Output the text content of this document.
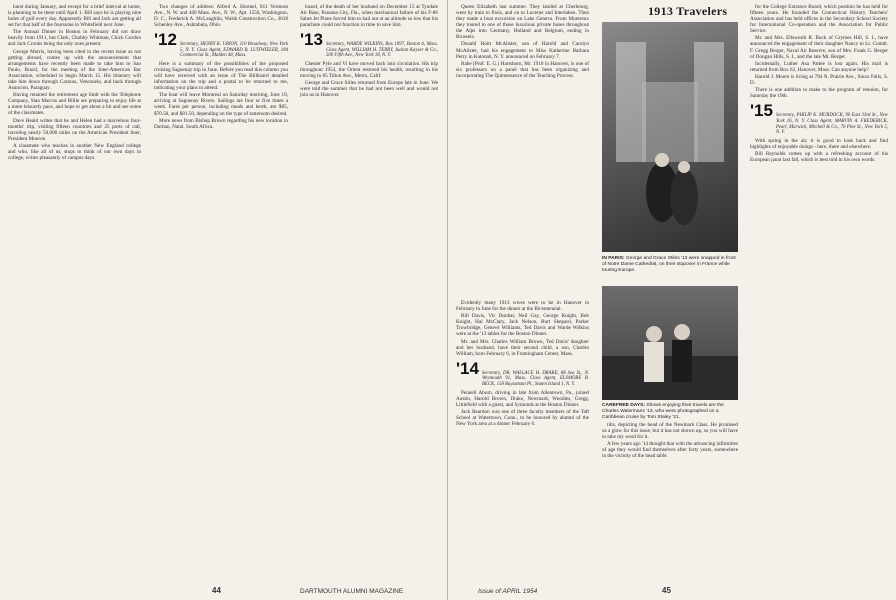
hurst during January, and except for a brief interval at home, is planning to be there until April 1. Bill says he is playing nine holes of golf every day. Apparently Bill and Jack are getting all set for that half of the foursome in Whitefield next June.

The Annual Dinner in Boston in February did not draw heavily from 1911, but Clark, Chubby Whitman, Chick Gordon and Jack Crooks being the only ones present.

George Morris, having been cited in the recent issue as not getting abroad, comes up with the announcement that arrangements have recently been made to take him to Sao Paulo, Brazil, for the meeting of the Inter-American Bar Association, scheduled to begin March 15. His itinerary will take him down through Caracas, Venezuela, and back through Asuncion, Paraguay.

Having retained the retirement age limit with the Telephone Company, Stan Marcus and Billie are preparing to enjoy life at a more leisurely pace, and hope to get about a bit and see some of the classmates.

Dave Heald writes that he and Helen had a marvelous four-months' trip, visiting fifteen countries and 25 ports of call, traveling nearly 50,000 miles on the American President liner, President Monroe.

A classmate who teaches in another New England college and who, like all of us, stops to think of our own days in college, writes pleasantly of campus days.

Two changes of address: Alfred A. Hormel, 811 Vermont Ave., N. W. and 400 Mass. Ave., N. W., Apt. 1556, Washington, D. C.; Frederick A. McLaughlin, Walsh Construction Co., 3618 Schenley Ave., Ashtabula, Ohio.

'12 Secretary, HENRY K. URION, 110 Broadway, New York 5, N. Y. Class Agent, EDWARD B. LUITWIELER, 184 Commercial St., Malden 48, Mass.

Here is a summary of the possibilities of the proposed cruising Saguenay trip in June. Before you read this column you will have received with an issue of The Billboard detailed information on the trip and a postal to be returned to me, indicating your plans to attend.

The boat will leave Montreal on Saturday morning, June 19, arriving at Saguenay Rivers. Sailings are four or five times a week. Fares per person, including meals and berth, are $85, $70.50, and $81.50, depending on the type of stateroom desired.

More news from Bishop Brown regarding his new location in Durban, Natal, South Africa.

board, of the death of her husband on December 15 at Tyndale Air Base, Panama City, Fla., when mechanical failure of his F-86 Sabre Jet Plane forced him to bail out at an altitude so low that his parachute could not function in time to save him.

'13 Secretary, WARDE WILKINS, Box 1097, Boston 6, Mass. Class Agent, WILLIAM H. TERRY, Judson Kayser & Co., 500 Fifth Ave., New York 18, N. Y.

Chester Pyle and Vi have moved back into circulation. His trip throughout 1953, the Orient restored his health, resulting in his moving to 85 Tilton Ave., Metro, Calif.

George and Grace Stiles returned from Europe late in June. We were told the summer that he had not been well and would not join us in Hanover.

44	DARTMOUTH ALUMNI MAGAZINE
1913 Travelers

Queen Elizabeth last summer. They landed at Cherbourg, went by train to Paris, and on to Lucerne and Interlaken. Then they made a boat excursion on Lake Geneva. From Montreux they toured in one of those luxurious private buses throughout the Alps into Germany, Holland and Belgium, ending in Brussels.

Donald Hoitt McAlister, son of Harold and Carolyn McAlister, had his engagement to Miss Katherine Barbara Perry in Katonah, N. Y. announced on February 7.

Babe (Prof. E. G.) Hartshorn, Mr. 1910 in Hanover, is one of six professors on a panel that has been organizing and incorporating The Quintessence of the Teaching Process.

IN PARIS: George and Grace Stiles '13 were snapped in front of Notre Dame Cathedral, on their stopover in France while touring Europe.
CAREFREE DAYS: Shows enjoying their travels are the Charles Walermans '13, who were photographed on a Caribbean cruise by Tom Staley '21.

tilts, depicting the head of the Newmark Class. He promised us a glow for this issue, but it has not shown up, so you will have to take my word for it.

A few years ago '14 thought that with the advancing infirmities of age they would find themselves after forty years, somewhere in the vicinity of the head table.

Evidently many 1913 wives were to be in Hanover in February in June for the dinner at the Bicentennial.

Bill Davis, Vic Dunbar, Neil Gay, George Knight, Bob Knight, Hal McClary, Jack Nelson, Burt Shepard, Parker Trowbridge, Genevé Williams, Ted Davis and Warde Wilkins were at the '13 tables for the Boston Dinner.

Mr. and Mrs. Charles William Brown, Ted Davis' daughter and her husband, have their second child, a son, Charles William, born February 6, in Framingham Center, Mass.

'14 Secretary, DR. WALLACE H. DRAKE, 88 Sea St., N. Weymouth 91, Mass. Class Agent, ELSMORE B. BECK, 158 Buyssmant Pl., Staten Island 1, N. Y.

Pennell Aborn, driving in late from Allentown, Pa., joined Austin, Harold Brown, Drake, Newmark, Woodies, Gregg, Littlefield with a guest, and Symonds at the Boston Dinner.

Jack Reardon was one of three faculty members of the Taft School at Watertown, Conn., to be honored by alumni of the New York area at a dinner February 6.

for the College Entrance Board, which position he has held for fifteen years. He founded the Connecticut History Teachers' Association and has held offices in the Secondary School Society for International Co-operation and the Association for Public Service.

Mr. and Mrs. Ellsworth R. Buck of Grymes Hill, S. I., have announced the engagement of their daughter Nancy to Lt. Comdr. F. Gregg Berger, Naval Air Reserve, son of Mrs. Frank G. Berger of Dongan Hills, S. I., and the late Mr. Berger.

Incidentally, Luther Asa Pattee is lost again. His mail is returned from Box 62, Hanover, Mass. Can anyone help?

Harold J. Moore is living at 794 N. Prairie Ave., Sioux Falls, S. D.

There is one addition to make to the program of reunion, for Saturday the 19th.

'15 Secretary, PHILIP K. MURDOCK, 90 East 33rd St., New York 16, N. Y. Class Agent, MARVIN A. FREDERICK, Pearl, Marwick, Mitchell & Co., 70 Pine St., New York 5, N. Y.

With spring in the air, it is good to look back and find highlights of enjoyable doings - here, there and elsewhere.

Bill Reynolds comes up with a refreshing account of his European jaunt last fall, which is best told in his own words.

Issue of APRIL 1954	45
